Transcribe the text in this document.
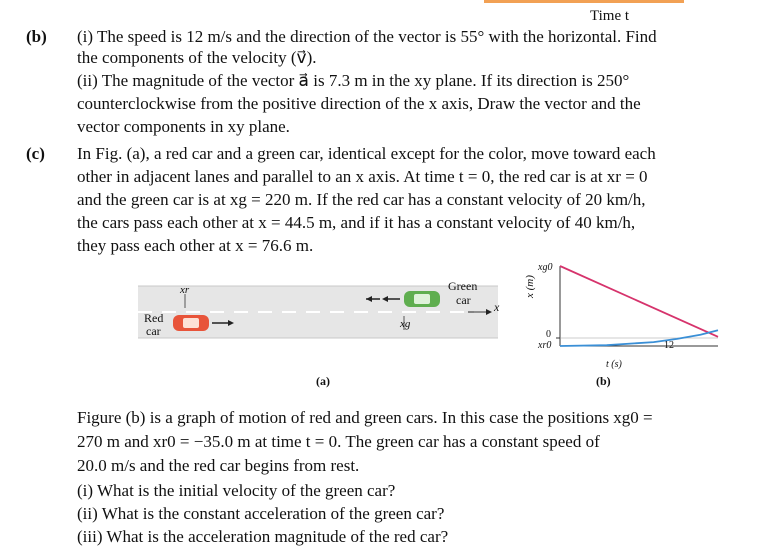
Time t
(b) (i) The speed is 12 m/s and the direction of the vector is 55° with the horizontal. Find
the components of the velocity (v⃗).
(ii) The magnitude of the vector a⃗ is 7.3 m in the xy plane. If its direction is 250°
counterclockwise from the positive direction of the x axis, Draw the vector and the
vector components in xy plane.
(c) In Fig. (a), a red car and a green car, identical except for the color, move toward each
other in adjacent lanes and parallel to an x axis. At time t = 0, the red car is at xr = 0
and the green car is at xg = 220 m. If the red car has a constant velocity of 20 km/h,
the cars pass each other at x = 44.5 m, and if it has a constant velocity of 40 km/h,
they pass each other at x = 76.6 m.
Green
car
Red
car
xr
xg
x
(a)
x (m)
xg0
0
xr0	12
t (s)
(b)
Figure (b) is a graph of motion of red and green cars. In this case the positions xg0 =
270 m and xr0 = −35.0 m at time t = 0. The green car has a constant speed of
20.0 m/s and the red car begins from rest.
(i) What is the initial velocity of the green car?
(ii) What is the constant acceleration of the green car?
(iii) What is the acceleration magnitude of the red car?
